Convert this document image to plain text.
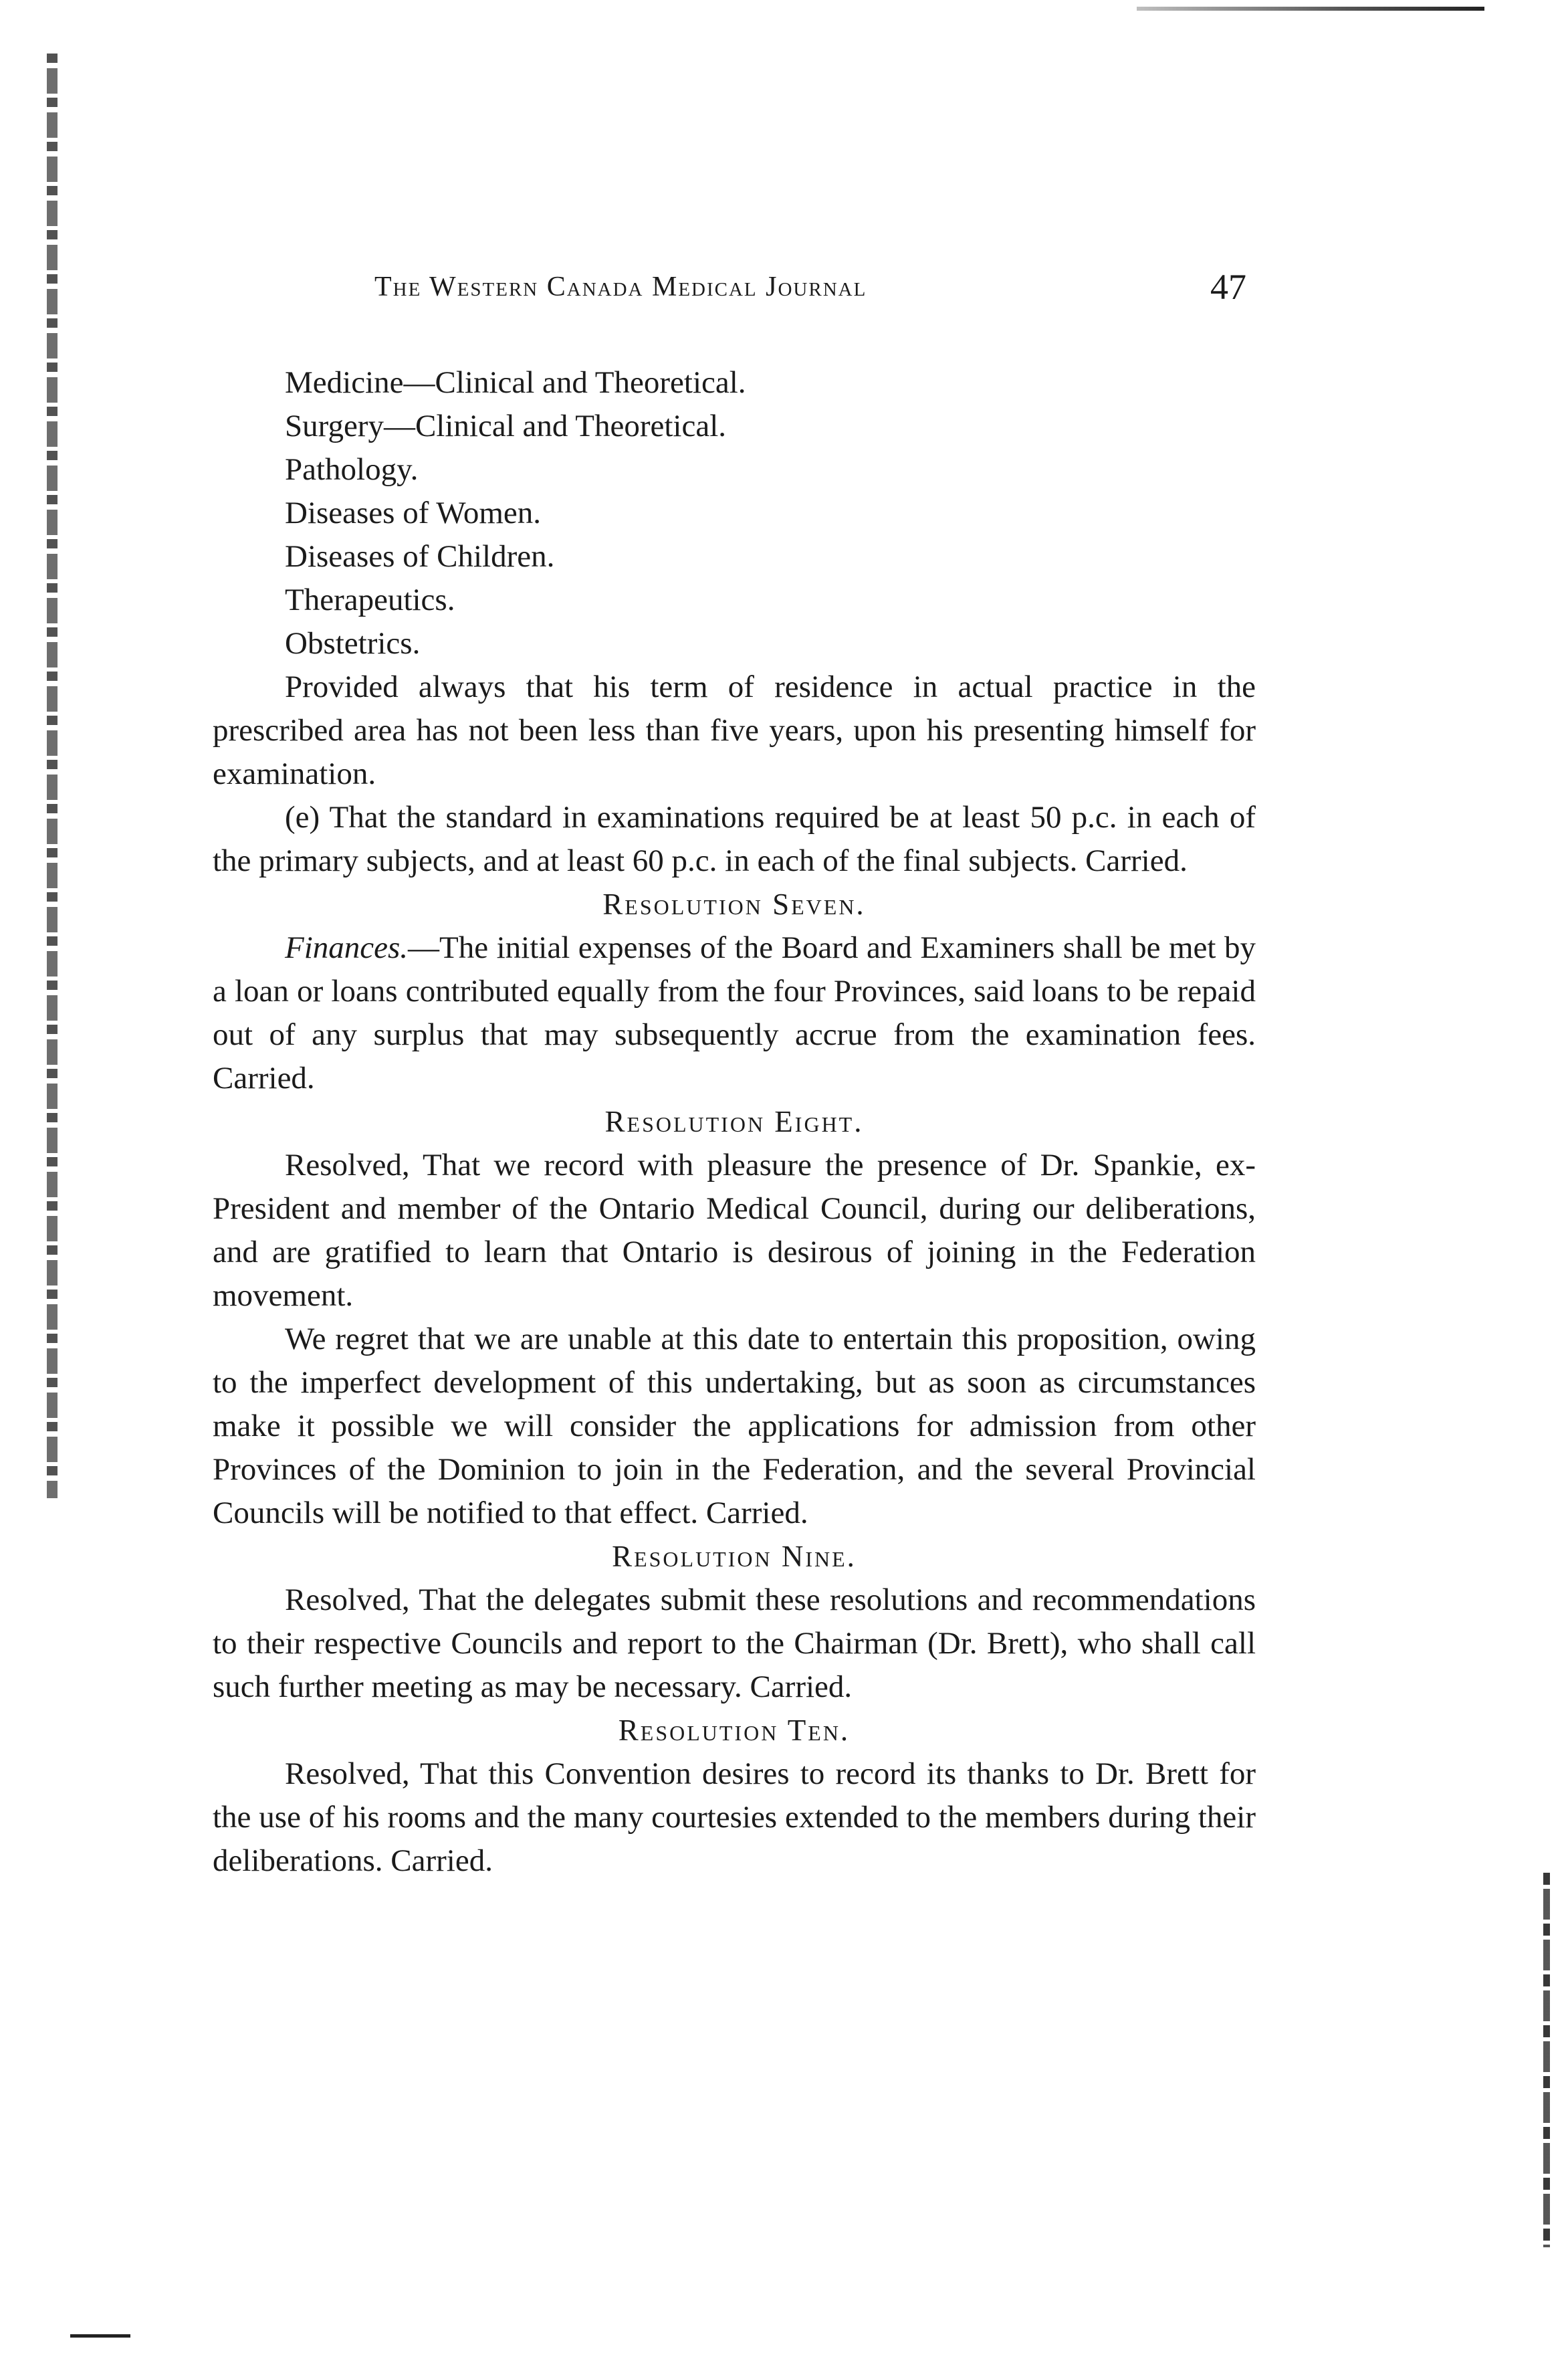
The Western Canada Medical Journal	47
Medicine—Clinical and Theoretical.
Surgery—Clinical and Theoretical.
Pathology.
Diseases of Women.
Diseases of Children.
Therapeutics.
Obstetrics.

Provided always that his term of residence in actual practice in the prescribed area has not been less than five years, upon his presenting himself for examination.

(e) That the standard in examinations required be at least 50 p.c. in each of the primary subjects, and at least 60 p.c. in each of the final subjects. Carried.

Resolution Seven.

Finances.—The initial expenses of the Board and Examiners shall be met by a loan or loans contributed equally from the four Provinces, said loans to be repaid out of any surplus that may subsequently accrue from the examination fees. Carried.

Resolution Eight.

Resolved, That we record with pleasure the presence of Dr. Spankie, ex-President and member of the Ontario Medical Council, during our deliberations, and are gratified to learn that Ontario is desirous of joining in the Federation movement.

We regret that we are unable at this date to entertain this proposition, owing to the imperfect development of this undertaking, but as soon as circumstances make it possible we will consider the applications for admission from other Provinces of the Dominion to join in the Federation, and the several Provincial Councils will be notified to that effect. Carried.

Resolution Nine.

Resolved, That the delegates submit these resolutions and recommendations to their respective Councils and report to the Chairman (Dr. Brett), who shall call such further meeting as may be necessary. Carried.

Resolution Ten.

Resolved, That this Convention desires to record its thanks to Dr. Brett for the use of his rooms and the many courtesies extended to the members during their deliberations. Carried.
